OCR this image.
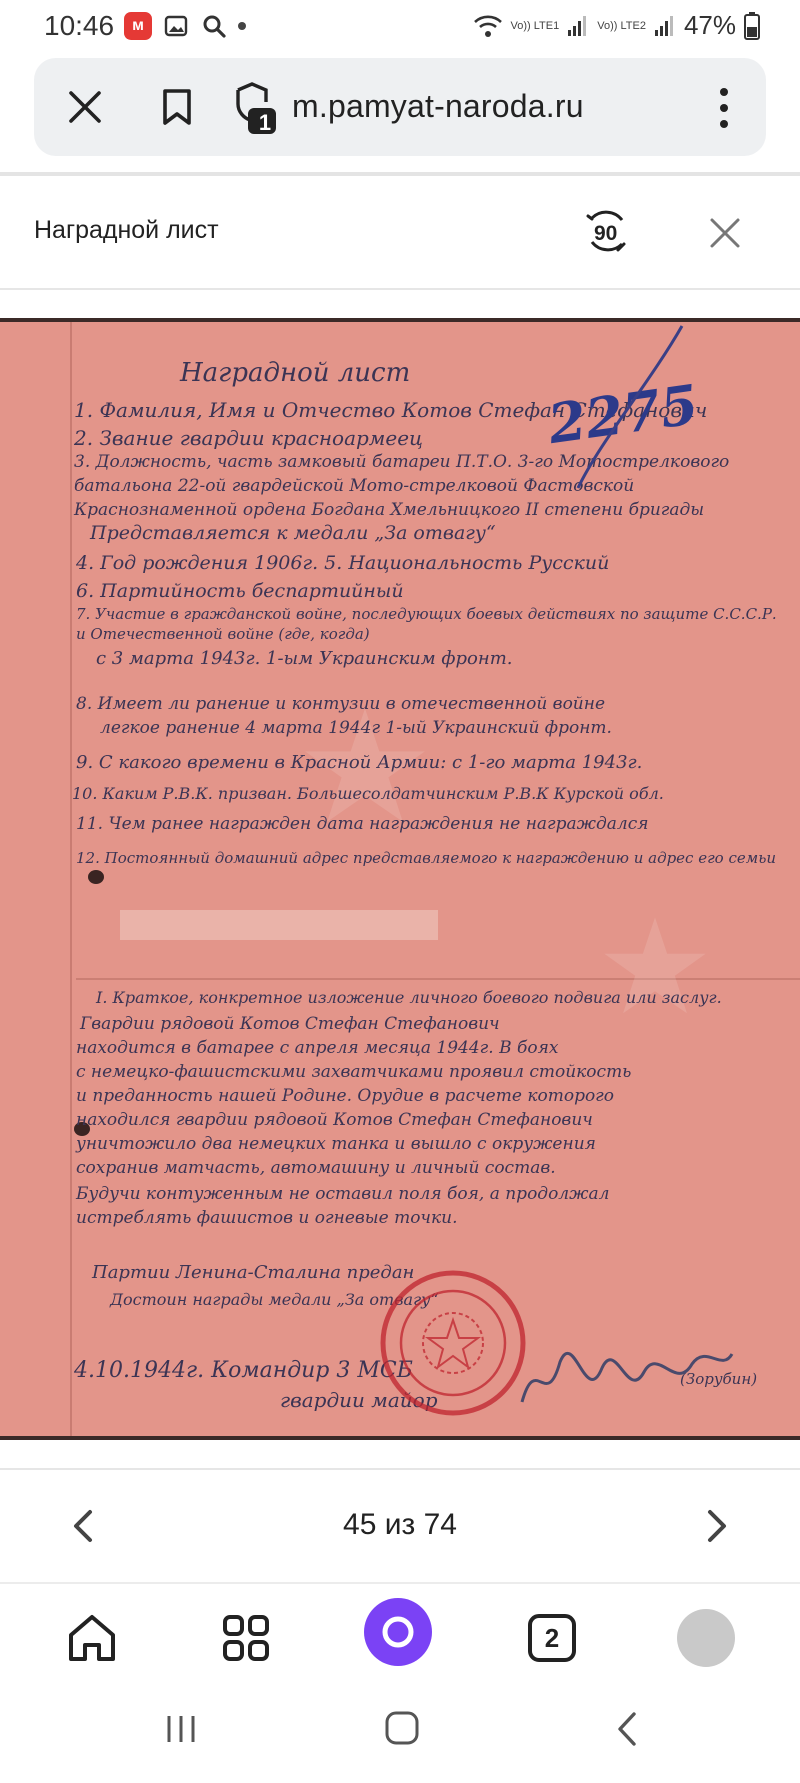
10:46	м	Vo)) LTE1	Vo)) LTE2 47%
1 m.pamyat-naroda.ru
Наградной лист	90
Наградной лист
1. Фамилия, Имя и Отчество Котов Стефан Стефанович
2. Звание гвардии красноармеец
3. Должность, часть замковый батареи П.Т.О. 3-го Мотострелкового батальона 22-ой гвардейской Мото-стрелковой Фастовской Краснознаменной ордена Богдана Хмельницкого II степени бригады
Представляется к медали „За отвагу“
4. Год рождения 1906г. 5. Национальность Русский
6. Партийность беспартийный
7. Участие в гражданской войне, последующих боевых действиях по защите С.С.С.Р. и Отечественной войне (где, когда)
с 3 марта 1943г. 1-ым Украинским фронт.
8. Имеет ли ранение и контузии в отечественной войне
легкое ранение 4 марта 1944г 1-ый Украинский фронт.
9. С какого времени в Красной Армии: с 1-го марта 1943г.
10. Каким Р.В.К. призван. Большесолдатчинским Р.В.К Курской обл.
11. Чем ранее награжден дата награждения не награждался
12. Постоянный домашний адрес представляемого к награждению и адрес его семьи
I. Краткое, конкретное изложение личного боевого подвига или заслуг.
Гвардии рядовой Котов Стефан Стефанович
находится в батарее с апреля месяца 1944г. В боях
с немецко-фашистскими захватчиками проявил стойкость
и преданность нашей Родине. Орудие в расчете которого
находился гвардии рядовой Котов Стефан Стефанович
уничтожило два немецких танка и вышло с окружения
сохранив матчасть, автомашину и личный состав.
Будучи контуженным не оставил поля боя, а продолжал
истреблять фашистов и огневые точки.
Партии Ленина-Сталина предан
Достоин награды медали „За отвагу“
4.10.1944г. Командир 3 МСБ
гвардии майор
(Зорубин)
2275
45 из 74
2
